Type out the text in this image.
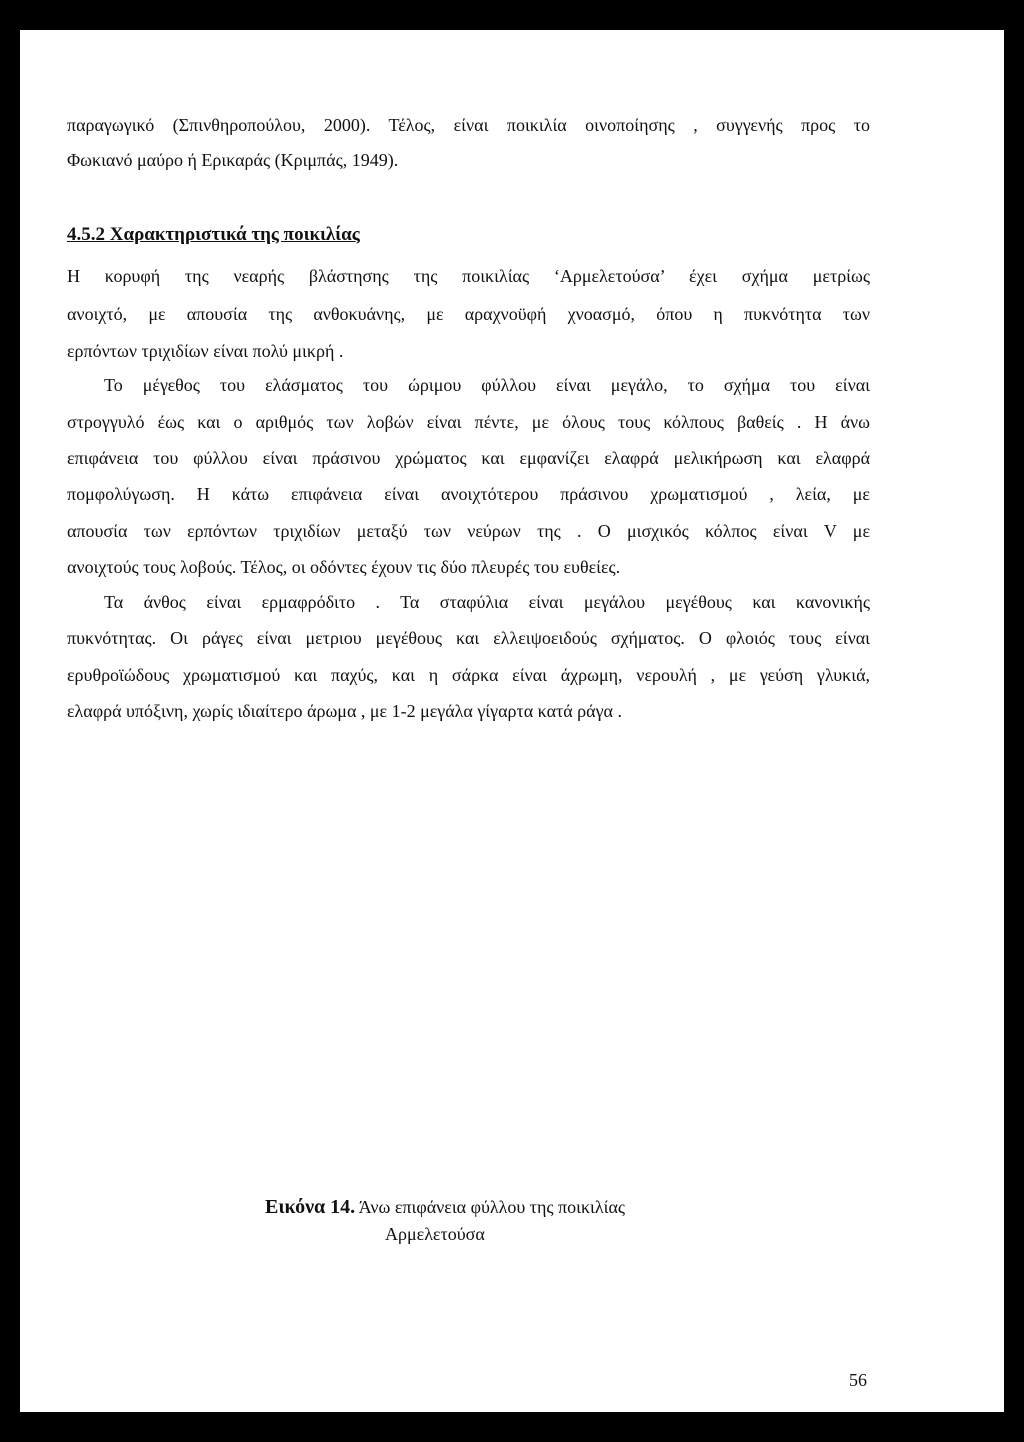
παραγωγικό (Σπινθηροπούλου, 2000). Τέλος, είναι ποικιλία οινοποίησης , συγγενής προς το
Φωκιανό μαύρο ή Ερικαράς (Κριμπάς, 1949).
4.5.2 Χαρακτηριστικά της ποικιλίας
Η κορυφή της νεαρής βλάστησης της ποικιλίας ‘Αρμελετούσα’ έχει σχήμα μετρίως
ανοιχτό, με απουσία της ανθοκυάνης, με αραχνοϋφή χνοασμό, όπου η πυκνότητα των
ερπόντων τριχιδίων είναι πολύ μικρή .
Το μέγεθος του ελάσματος του ώριμου φύλλου είναι μεγάλο, το σχήμα του είναι
στρογγυλό έως και ο αριθμός των λοβών είναι πέντε, με όλους τους κόλπους βαθείς . Η άνω
επιφάνεια του φύλλου είναι πράσινου χρώματος και εμφανίζει ελαφρά μελικήρωση και ελαφρά
πομφολύγωση. Η κάτω επιφάνεια είναι ανοιχτότερου πράσινου χρωματισμού , λεία, με
απουσία των ερπόντων τριχιδίων μεταξύ των νεύρων της . Ο μισχικός κόλπος είναι V με
ανοιχτούς τους λοβούς. Τέλος, οι οδόντες έχουν τις δύο πλευρές του ευθείες.
Τα άνθος είναι ερμαφρόδιτο . Τα σταφύλια είναι μεγάλου μεγέθους και κανονικής
πυκνότητας. Οι ράγες είναι μετριου μεγέθους και ελλειψοειδούς σχήματος. Ο φλοιός τους είναι
ερυθροϊώδους χρωματισμού και παχύς, και η σάρκα είναι άχρωμη, νερουλή , με γεύση γλυκιά,
ελαφρά υπόξινη, χωρίς ιδιαίτερο άρωμα , με 1-2 μεγάλα γίγαρτα κατά ράγα .
Εικόνα 14. Άνω επιφάνεια φύλλου της ποικιλίας
Αρμελετούσα
56
